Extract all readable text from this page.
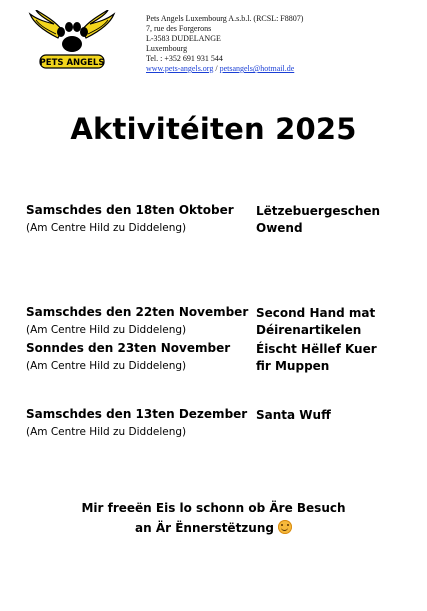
PETS ANGELS
Pets Angels Luxembourg A.s.b.l. (RCSL: F8807)
7, rue des Forgerons
L-3583 DUDELANGE
Luxembourg
Tel. : +352 691 931 544
www.pets-angels.org / petsangels@hotmail.de
Aktivitéiten 2025
Samschdes den 18ten Oktober
(Am Centre Hild zu Diddeleng)
Lëtzebuergeschen
Owend
Samschdes den 22ten November
(Am Centre Hild zu Diddeleng)
Second Hand mat
Déirenartikelen
Sonndes den 23ten November
(Am Centre Hild zu Diddeleng)
Éischt Hëllef Kuer
fir Muppen
Samschdes den 13ten Dezember
(Am Centre Hild zu Diddeleng)
Santa Wuff
Mir freeën Eis lo schonn ob Äre Besuch
an Är Ënnerstëtzung
